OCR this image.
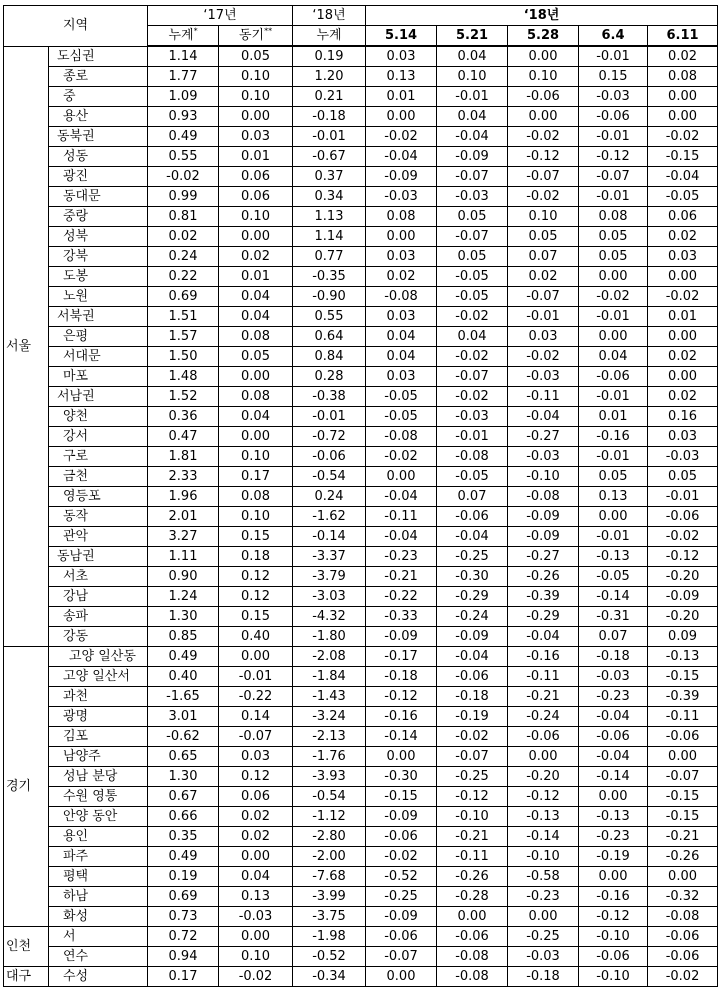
지역		‘17년		‘18년	‘18년				
		누계*	동기**	누계	5.14	5.21	5.28	6.4	6.11
서울	도심권	1.14	0.05	0.19	0.03	0.04	0.00	-0.01	0.02
	종로	1.77	0.10	1.20	0.13	0.10	0.10	0.15	0.08
	중	1.09	0.10	0.21	0.01	-0.01	-0.06	-0.03	0.00
	용산	0.93	0.00	-0.18	0.00	0.04	0.00	-0.06	0.00
	동북권	0.49	0.03	-0.01	-0.02	-0.04	-0.02	-0.01	-0.02
	성동	0.55	0.01	-0.67	-0.04	-0.09	-0.12	-0.12	-0.15
	광진	-0.02	0.06	0.37	-0.09	-0.07	-0.07	-0.07	-0.04
	동대문	0.99	0.06	0.34	-0.03	-0.03	-0.02	-0.01	-0.05
	중랑	0.81	0.10	1.13	0.08	0.05	0.10	0.08	0.06
	성북	0.02	0.00	1.14	0.00	-0.07	0.05	0.05	0.02
	강북	0.24	0.02	0.77	0.03	0.05	0.07	0.05	0.03
	도봉	0.22	0.01	-0.35	0.02	-0.05	0.02	0.00	0.00
	노원	0.69	0.04	-0.90	-0.08	-0.05	-0.07	-0.02	-0.02
	서북권	1.51	0.04	0.55	0.03	-0.02	-0.01	-0.01	0.01
	은평	1.57	0.08	0.64	0.04	0.04	0.03	0.00	0.00
	서대문	1.50	0.05	0.84	0.04	-0.02	-0.02	0.04	0.02
	마포	1.48	0.00	0.28	0.03	-0.07	-0.03	-0.06	0.00
	서남권	1.52	0.08	-0.38	-0.05	-0.02	-0.11	-0.01	0.02
	양천	0.36	0.04	-0.01	-0.05	-0.03	-0.04	0.01	0.16
	강서	0.47	0.00	-0.72	-0.08	-0.01	-0.27	-0.16	0.03
	구로	1.81	0.10	-0.06	-0.02	-0.08	-0.03	-0.01	-0.03
	금천	2.33	0.17	-0.54	0.00	-0.05	-0.10	0.05	0.05
	영등포	1.96	0.08	0.24	-0.04	0.07	-0.08	0.13	-0.01
	동작	2.01	0.10	-1.62	-0.11	-0.06	-0.09	0.00	-0.06
	관악	3.27	0.15	-0.14	-0.04	-0.04	-0.09	-0.01	-0.02
	동남권	1.11	0.18	-3.37	-0.23	-0.25	-0.27	-0.13	-0.12
	서초	0.90	0.12	-3.79	-0.21	-0.30	-0.26	-0.05	-0.20
	강남	1.24	0.12	-3.03	-0.22	-0.29	-0.39	-0.14	-0.09
	송파	1.30	0.15	-4.32	-0.33	-0.24	-0.29	-0.31	-0.20
	강동	0.85	0.40	-1.80	-0.09	-0.09	-0.04	0.07	0.09
경기	고양 일산동	0.49	0.00	-2.08	-0.17	-0.04	-0.16	-0.18	-0.13
	고양 일산서	0.40	-0.01	-1.84	-0.18	-0.06	-0.11	-0.03	-0.15
	과천	-1.65	-0.22	-1.43	-0.12	-0.18	-0.21	-0.23	-0.39
	광명	3.01	0.14	-3.24	-0.16	-0.19	-0.24	-0.04	-0.11
	김포	-0.62	-0.07	-2.13	-0.14	-0.02	-0.06	-0.06	-0.06
	남양주	0.65	0.03	-1.76	0.00	-0.07	0.00	-0.04	0.00
	성남 분당	1.30	0.12	-3.93	-0.30	-0.25	-0.20	-0.14	-0.07
	수원 영통	0.67	0.06	-0.54	-0.15	-0.12	-0.12	0.00	-0.15
	안양 동안	0.66	0.02	-1.12	-0.09	-0.10	-0.13	-0.13	-0.15
	용인	0.35	0.02	-2.80	-0.06	-0.21	-0.14	-0.23	-0.21
	파주	0.49	0.00	-2.00	-0.02	-0.11	-0.10	-0.19	-0.26
	평택	0.19	0.04	-7.68	-0.52	-0.26	-0.58	0.00	0.00
	하남	0.69	0.13	-3.99	-0.25	-0.28	-0.23	-0.16	-0.32
	화성	0.73	-0.03	-3.75	-0.09	0.00	0.00	-0.12	-0.08
인천	서	0.72	0.00	-1.98	-0.06	-0.06	-0.25	-0.10	-0.06
	연수	0.94	0.10	-0.52	-0.07	-0.08	-0.03	-0.06	-0.06
대구	수성	0.17	-0.02	-0.34	0.00	-0.08	-0.18	-0.10	-0.02
